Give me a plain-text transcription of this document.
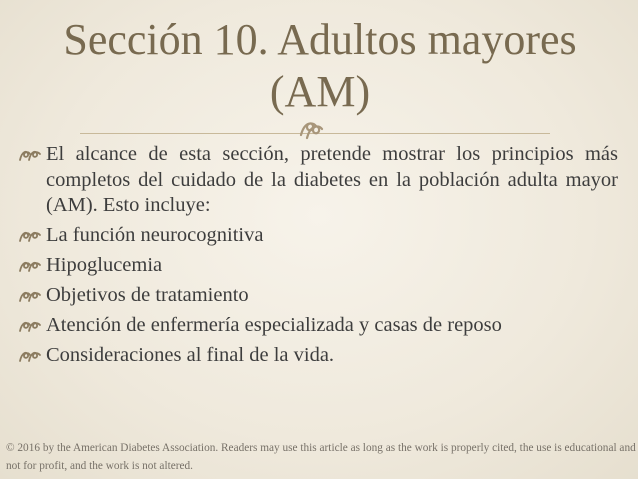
Sección 10. Adultos mayores (AM)
El alcance de esta sección, pretende mostrar los principios más completos del cuidado de la diabetes en la población adulta mayor (AM). Esto incluye:
La función neurocognitiva
Hipoglucemia
Objetivos de tratamiento
Atención de enfermería especializada y casas de reposo
Consideraciones al final de la vida.
© 2016 by the American Diabetes Association. Readers may use this article as long as the work is properly cited, the use is educational and not for profit, and the work is not altered.
